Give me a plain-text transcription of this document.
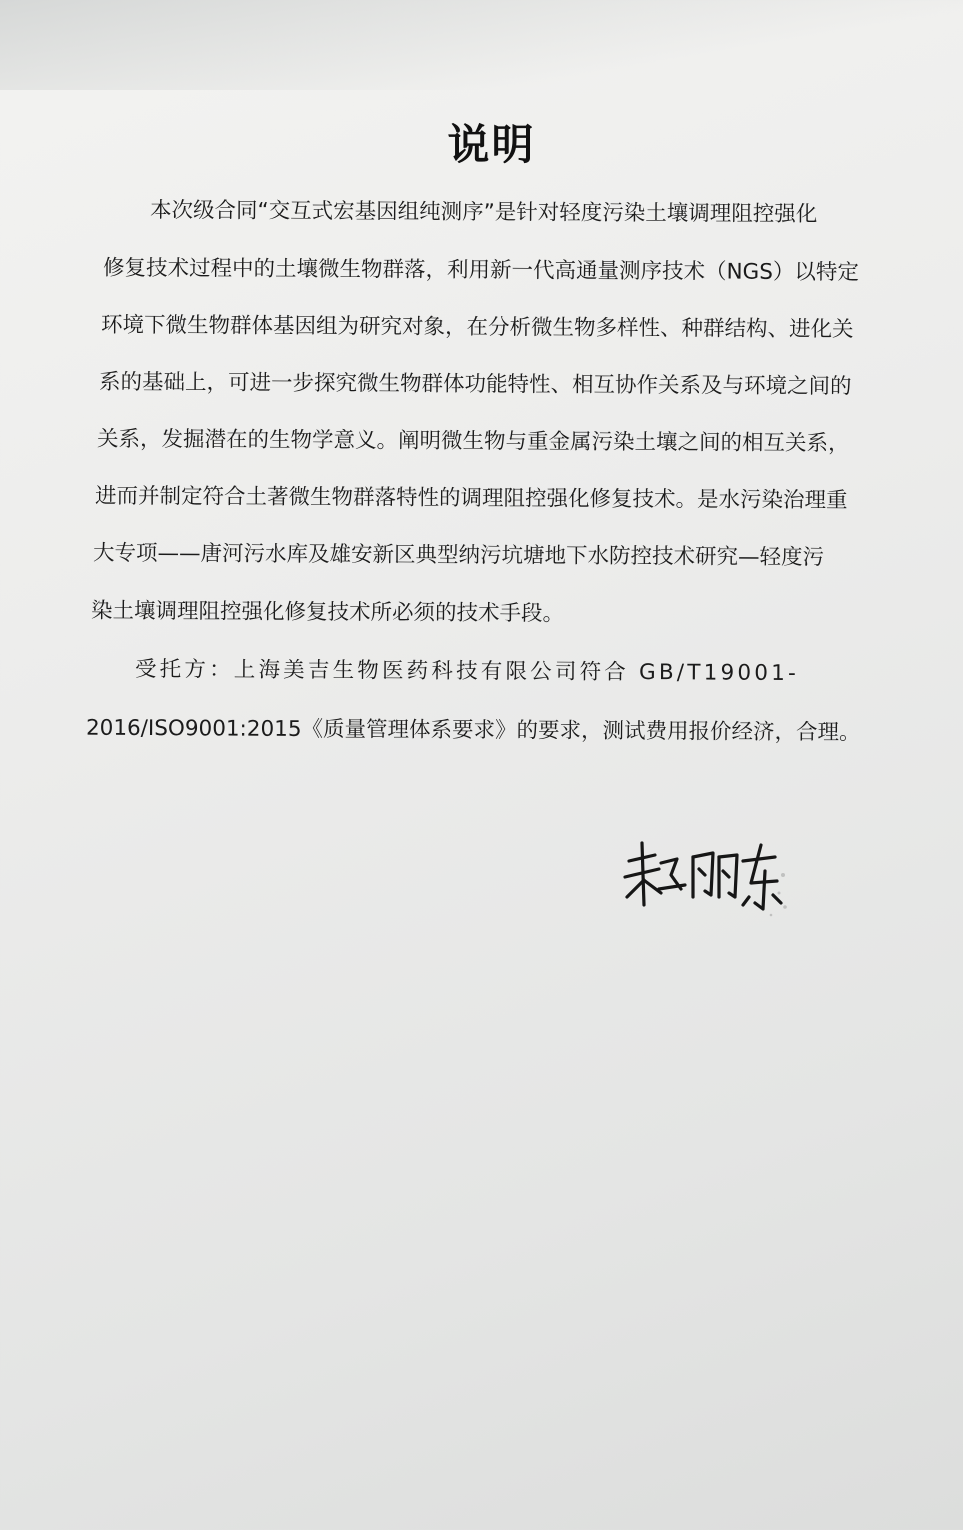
说明
本次级合同“交互式宏基因组纯测序”是针对轻度污染土壤调理阻控强化
修复技术过程中的土壤微生物群落，利用新一代高通量测序技术（NGS）以特定
环境下微生物群体基因组为研究对象，在分析微生物多样性、种群结构、进化关
系的基础上，可进一步探究微生物群体功能特性、相互协作关系及与环境之间的
关系，发掘潜在的生物学意义。阐明微生物与重金属污染土壤之间的相互关系，
进而并制定符合土著微生物群落特性的调理阻控强化修复技术。是水污染治理重
大专项——唐河污水库及雄安新区典型纳污坑塘地下水防控技术研究—轻度污
染土壤调理阻控强化修复技术所必须的技术手段。
受托方：上海美吉生物医药科技有限公司符合 GB/T19001-
2016/ISO9001:2015《质量管理体系要求》的要求，测试费用报价经济，合理。
